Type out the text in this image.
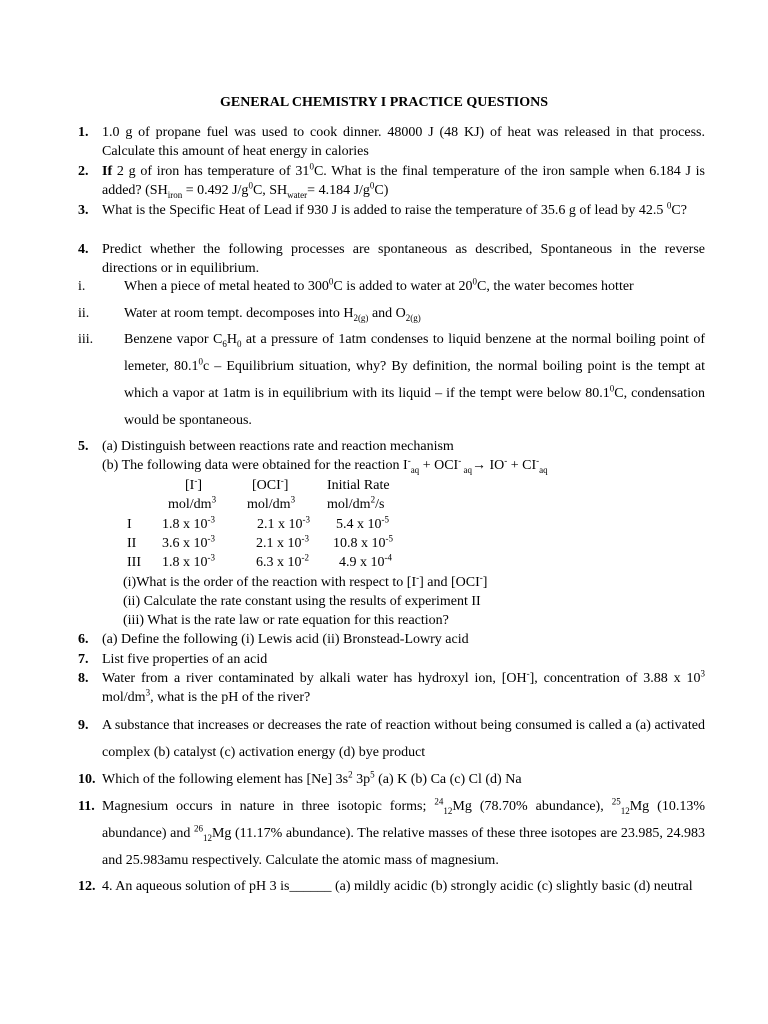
GENERAL CHEMISTRY I PRACTICE QUESTIONS
1. 1.0 g of propane fuel was used to cook dinner. 48000 J (48 KJ) of heat was released in that process. Calculate this amount of heat energy in calories
2. If 2 g of iron has temperature of $31^0C$. What is the final temperature of the iron sample when 6.184 J is added? ($SH_{iron} = 0.492$ $J/g^0C$, $SH_{water}= 4.184$ $J/g^0C$)
3. What is the Specific Heat of Lead if 930 J is added to raise the temperature of 35.6 g of lead by 42.5 $^0$C?
4. Predict whether the following processes are spontaneous as described, Spontaneous in the reverse directions or in equilibrium.
i.	When a piece of metal heated to $300^0C$ is added to water at $20^0C$, the water becomes hotter
ii. Water at room tempt. decomposes into $H_{2(g)}$ and $O_{2(g)}$
iii. Benzene vapor $C_6H_0$ at a pressure of 1atm condenses to liquid benzene at the normal boiling point of lemeter, 80.1$^0$c – Equilibrium situation, why? By definition, the normal boiling point is the tempt at which a vapor at 1atm is in equilibrium with its liquid – if the tempt were below 80.1$^0$C, condensation would be spontaneous.
5. (a) Distinguish between reactions rate and reaction mechanism
(b) The following data were obtained for the reaction $I^-_{aq} + OCI^-$ $_{aq}\to IO^- + CI^-_{aq}$
[I-]	[OCI-]	Initial Rate
mol/$dm^3$ mol/$dm^3$ mol/$dm^2/s$
I 1.8 x $10^{-3}$	2.1 x $10^{-3}$ 5.4 x $10^{-5}$
II 3.6 x $10^{-3}$	2.1 x $10^{-3}$ 10.8 x $10^{-5}$
III 1.8 x $10^{-3}$	6.3 x $10^{-2}$ 4.9 x $10^{-4}$
(i)What is the order of the reaction with respect to [I-] and [OCI-]
(ii) Calculate the rate constant using the results of experiment II
(iii) What is the rate law or rate equation for this reaction?
6. (a) Define the following (i) Lewis acid (ii) Bronstead-Lowry acid
7. List five properties of an acid
8. Water from a river contaminated by alkali water has hydroxyl ion, [OH-], concentration of 3.88 x $10^3$ mol/$dm^3$, what is the pH of the river?
9. A substance that increases or decreases the rate of reaction without being consumed is called a (a) activated complex (b) catalyst (c) activation energy (d) bye product
10. Which of the following element has [Ne] $3s^2$ $3p^5$ (a) K (b) Ca (c) Cl (d) Na
11. Magnesium occurs in nature in three isotopic forms; $^{24}_{12}$Mg (78.70% abundance), $^{25}_{12}$Mg (10.13% abundance) and $^{26}_{12}$Mg (11.17% abundance). The relative masses of these three isotopes are 23.985, 24.983 and 25.983amu respectively. Calculate the atomic mass of magnesium.
12. 4. An aqueous solution of pH 3 is______ (a) mildly acidic (b) strongly acidic (c) slightly basic (d) neutral
